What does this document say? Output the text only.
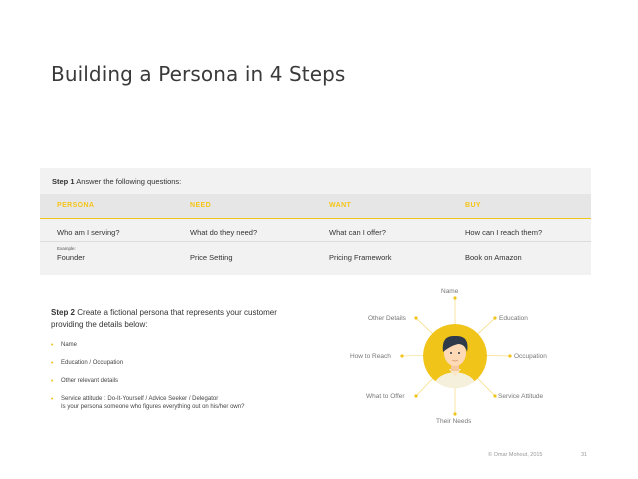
Building a Persona in 4 Steps
Step 1 Answer the following questions:
PERSONA	NEED	WANT	BUY
Who am I serving?	What do they need?	What can I offer?	How can I reach them?
Example:
Founder	Price Setting	Pricing Framework	Book on Amazon
Step 2 Create a fictional persona that represents your customer providing the details below:
• Name
• Education / Occupation
• Other relevant details
• Service attitude : Do-It-Yourself / Advice Seeker / Delegator
Is your persona someone who figures everything out on his/her own?
Name
Education
Occupation
Service Attitude
Their Needs
What to Offer
How to Reach
Other Details
© Omar Mohout, 2015	31
